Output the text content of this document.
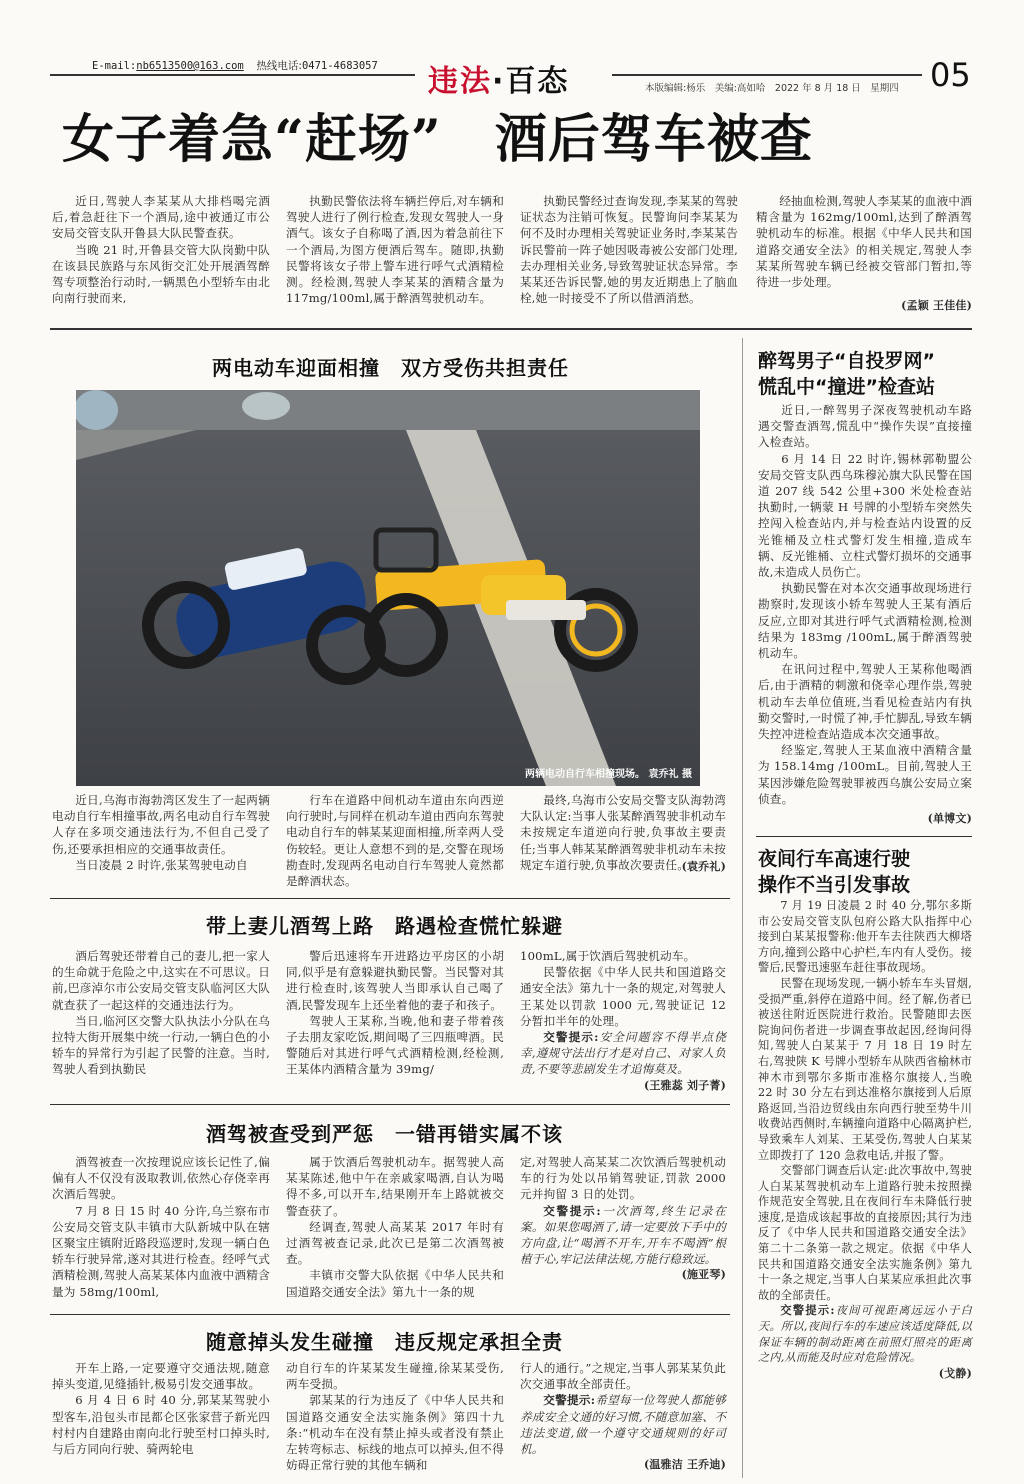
E-mail:nb6513500@163.com 热线电话:0471-4683057 违法·百态	本版编辑:杨乐　美编:高如哈　2022 年 8 月 18 日　星期四 05
女子着急“赶场”　酒后驾车被查

近日,驾驶人李某某从大排档喝完酒后,着急赶往下一个酒局,途中被通辽市公安局交管支队开鲁县大队民警查获。

当晚 21 时,开鲁县交管大队岗勤中队在该县民族路与东风街交汇处开展酒驾醉驾专项整治行动时,一辆黑色小型轿车由北向南行驶而来,

执勤民警依法将车辆拦停后,对车辆和驾驶人进行了例行检查,发现女驾驶人一身酒气。该女子自称喝了酒,因为着急前往下一个酒局,为图方便酒后驾车。随即,执勤民警将该女子带上警车进行呼气式酒精检测。经检测,驾驶人李某某的酒精含量为 117mg/100ml,属于醉酒驾驶机动车。

执勤民警经过查询发现,李某某的驾驶证状态为注销可恢复。民警询问李某某为何不及时办理相关驾驶证业务时,李某某告诉民警前一阵子她因吸毒被公安部门处理,去办理相关业务,导致驾驶证状态异常。李某某还告诉民警,她的男友近期患上了脑血栓,她一时接受不了所以借酒消愁。

经抽血检测,驾驶人李某某的血液中酒精含量为 162mg/100ml,达到了醉酒驾驶机动车的标准。根据《中华人民共和国道路交通安全法》的相关规定,驾驶人李某某所驾驶车辆已经被交管部门暂扣,等待进一步处理。

(孟颖 王佳佳)
两电动车迎面相撞　双方受伤共担责任
两辆电动自行车相撞现场。 袁乔礼 摄

近日,乌海市海勃湾区发生了一起两辆电动自行车相撞事故,两名电动自行车驾驶人存在多项交通违法行为,不但自己受了伤,还要承担相应的交通事故责任。

当日凌晨 2 时许,张某驾驶电动自

行车在道路中间机动车道由东向西逆向行驶时,与同样在机动车道由西向东驾驶电动自行车的韩某某迎面相撞,所幸两人受伤较轻。更让人意想不到的是,交警在现场勘查时,发现两名电动自行车驾驶人竟然都是醉酒状态。

最终,乌海市公安局交警支队海勃湾大队认定:当事人张某醉酒驾驶非机动车未按规定车道逆向行驶,负事故主要责任;当事人韩某某醉酒驾驶非机动车未按规定车道行驶,负事故次要责任。

(袁乔礼)
带上妻儿酒驾上路　路遇检查慌忙躲避

酒后驾驶还带着自己的妻儿,把一家人的生命就于危险之中,这实在不可思议。日前,巴彦淖尔市公安局交管支队临河区大队就查获了一起这样的交通违法行为。

当日,临河区交警大队执法小分队在乌拉特大街开展集中统一行动,一辆白色的小轿车的异常行为引起了民警的注意。当时,驾驶人看到执勤民

警后迅速将车开进路边平房区的小胡同,似乎是有意躲避执勤民警。当民警对其进行检查时,该驾驶人当即承认自己喝了酒,民警发现车上还坐着他的妻子和孩子。

驾驶人王某称,当晚,他和妻子带着孩子去朋友家吃饭,期间喝了三四瓶啤酒。民警随后对其进行呼气式酒精检测,经检测,王某体内酒精含量为 39mg/

100mL,属于饮酒后驾驶机动车。

民警依据《中华人民共和国道路交通安全法》第九十一条的规定,对驾驶人王某处以罚款 1000 元,驾驶证记 12 分暂扣半年的处理。

交警提示:安全问题容不得半点侥幸,遵规守法出行才是对自己、对家人负责,不要等悲剧发生才追悔莫及。

(王雅蕊 刘子菁)
酒驾被查受到严惩　一错再错实属不该

酒驾被查一次按理说应该长记性了,偏偏有人不仅没有汲取教训,依然心存侥幸再次酒后驾驶。

7 月 8 日 15 时 40 分许,乌兰察布市公安局交管支队丰镇市大队新城中队在辖区聚宝庄镇附近路段巡逻时,发现一辆白色轿车行驶异常,遂对其进行检查。经呼气式酒精检测,驾驶人高某某体内血液中酒精含量为 58mg/100ml,

属于饮酒后驾驶机动车。据驾驶人高某某陈述,他中午在亲戚家喝酒,自认为喝得不多,可以开车,结果刚开车上路就被交警查获了。

经调查,驾驶人高某某 2017 年时有过酒驾被查记录,此次已是第二次酒驾被查。

丰镇市交警大队依据《中华人民共和国道路交通安全法》第九十一条的规

定,对驾驶人高某某二次饮酒后驾驶机动车的行为处以吊销驾驶证,罚款 2000 元并拘留 3 日的处罚。

交警提示:一次酒驾,终生记录在案。如果您喝酒了,请一定要放下手中的方向盘,让“喝酒不开车,开车不喝酒”根植于心,牢记法律法规,方能行稳致远。

(施亚琴)
随意掉头发生碰撞　违反规定承担全责

开车上路,一定要遵守交通法规,随意掉头变道,见缝插针,极易引发交通事故。

6 月 4 日 6 时 40 分,郭某某驾驶小型客车,沿包头市昆都仑区张家营子新光四村村内自建路由南向北行驶至村口掉头时,与后方同向行驶、骑两轮电

动自行车的许某某发生碰撞,徐某某受伤,两车受损。

郭某某的行为违反了《中华人民共和国道路交通安全法实施条例》第四十九条:“机动车在没有禁止掉头或者没有禁止左转弯标志、标线的地点可以掉头,但不得妨碍正常行驶的其他车辆和

行人的通行。”之规定,当事人郭某某负此次交通事故全部责任。

交警提示:希望每一位驾驶人都能够养成安全文通的好习惯,不随意加塞、不违法变道,做一个遵守交通规则的好司机。

(温雅洁 王乔迪)
醉驾男子“自投罗网”
慌乱中“撞进”检查站

近日,一醉驾男子深夜驾驶机动车路遇交警查酒驾,慌乱中“操作失误”直接撞入检查站。

6 月 14 日 22 时许,锡林郭勒盟公安局交管支队西乌珠穆沁旗大队民警在国道 207 线 542 公里+300 米处检查站执勤时,一辆蒙 H 号牌的小型轿车突然失控闯入检查站内,并与检查站内设置的反光锥桶及立柱式警灯发生相撞,造成车辆、反光锥桶、立柱式警灯损坏的交通事故,未造成人员伤亡。

执勤民警在对本次交通事故现场进行勘察时,发现该小轿车驾驶人王某有酒后反应,立即对其进行呼气式酒精检测,检测结果为 183mg /100mL,属于醉酒驾驶机动车。

在讯问过程中,驾驶人王某称他喝酒后,由于酒精的刺激和侥幸心理作祟,驾驶机动车去单位值班,当看见检查站内有执勤交警时,一时慌了神,手忙脚乱,导致车辆失控冲进检查站造成本次交通事故。

经鉴定,驾驶人王某血液中酒精含量为 158.14mg /100mL。目前,驾驶人王某因涉嫌危险驾驶罪被西乌旗公安局立案侦查。

(单博文)
夜间行车高速行驶
操作不当引发事故

7 月 19 日凌晨 2 时 40 分,鄂尔多斯市公安局交管支队包府公路大队指挥中心接到白某某报警称:他开车去往陕西大柳塔方向,撞到公路中心护栏,车内有人受伤。接警后,民警迅速驱车赶往事故现场。

民警在现场发现,一辆小轿车车头冒烟,受损严重,斜停在道路中间。经了解,伤者已被送往附近医院进行救治。民警随即去医院询问伤者进一步调查事故起因,经询问得知,驾驶人白某某于 7 月 18 日 19 时左右,驾驶陕 K 号牌小型轿车从陕西省榆林市神木市到鄂尔多斯市准格尔旗接人,当晚 22 时 30 分左右到达准格尔旗接到人后原路返回,当沿边贸线由东向西行驶至势牛川收费站西侧时,车辆撞向道路中心隔离护栏,导致乘车人刘某、王某受伤,驾驶人白某某立即拨打了 120 急救电话,并报了警。

交警部门调查后认定:此次事故中,驾驶人白某某驾驶机动车上道路行驶未按照操作规范安全驾驶,且在夜间行车未降低行驶速度,是造成该起事故的直接原因;其行为违反了《中华人民共和国道路交通安全法》第二十二条第一款之规定。依据《中华人民共和国道路交通安全法实施条例》第九十一条之规定,当事人白某某应承担此次事故的全部责任。

交警提示:夜间可视距离远远小于白天。所以,夜间行车的车速应该适度降低,以保证车辆的制动距离在前照灯照亮的距离之内,从而能及时应对危险情况。

(戈静)
